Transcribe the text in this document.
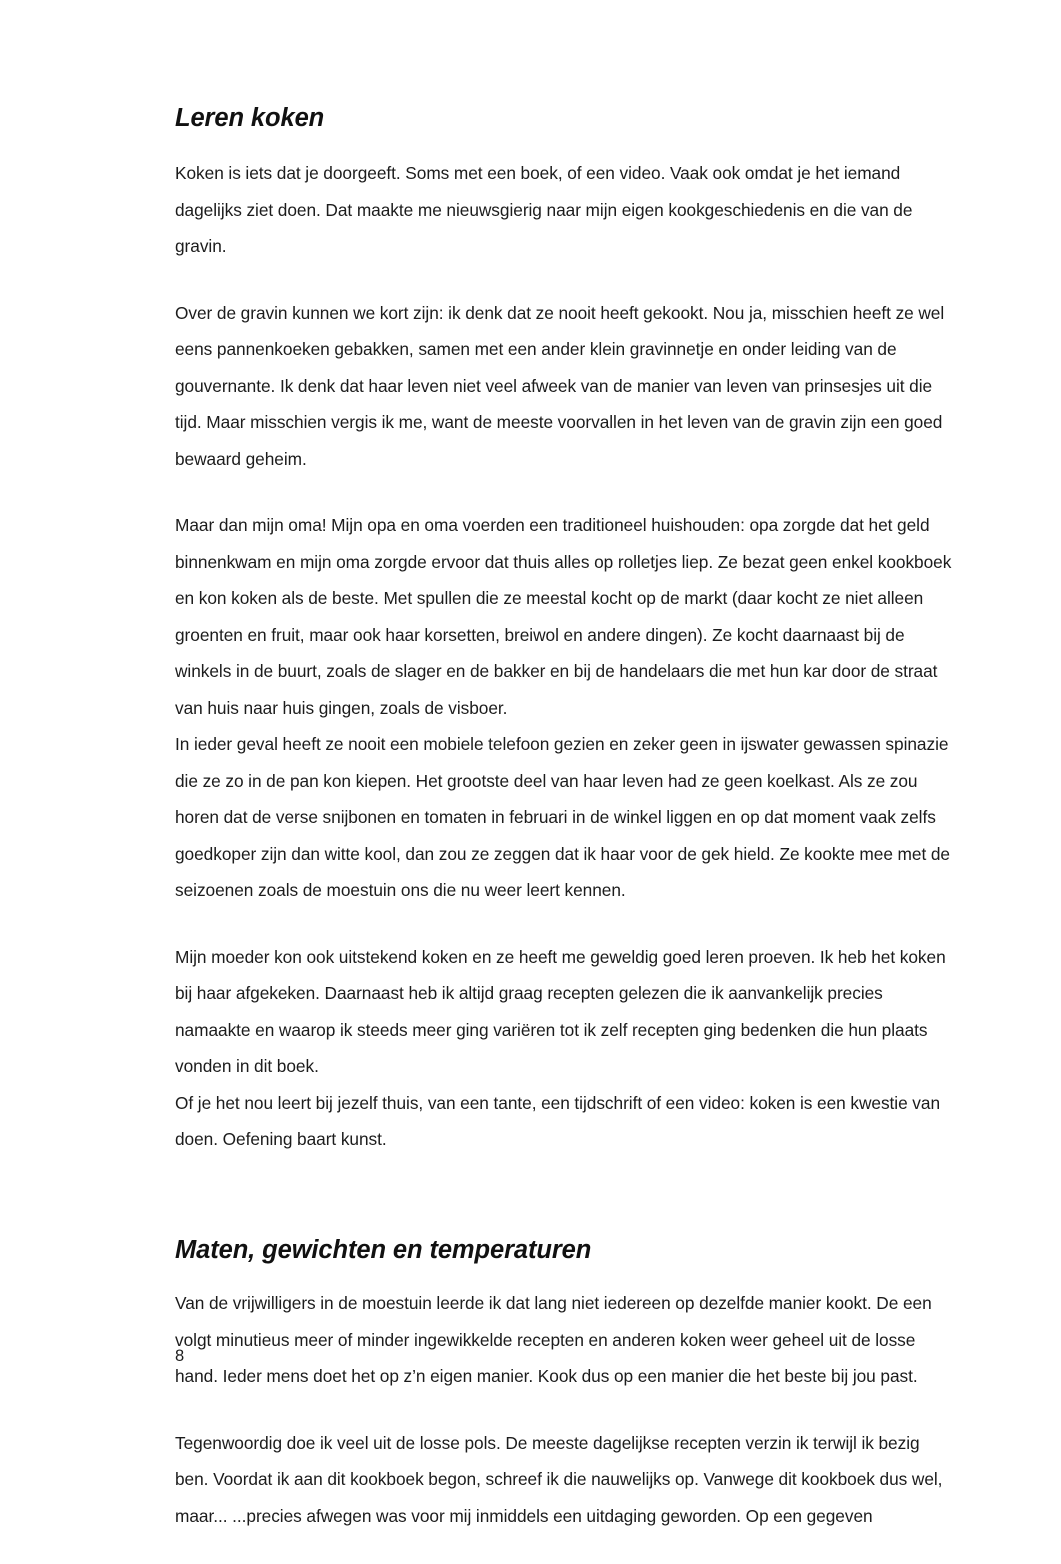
Leren koken

Koken is iets dat je doorgeeft. Soms met een boek, of een video. Vaak ook omdat je het iemand dagelijks ziet doen. Dat maakte me nieuwsgierig naar mijn eigen kookgeschiedenis en die van de gravin.

Over de gravin kunnen we kort zijn: ik denk dat ze nooit heeft gekookt. Nou ja, misschien heeft ze wel eens pannenkoeken gebakken, samen met een ander klein gravinnetje en onder leiding van de gouvernante. Ik denk dat haar leven niet veel afweek van de manier van leven van prinsesjes uit die tijd. Maar misschien vergis ik me, want de meeste voorvallen in het leven van de gravin zijn een goed bewaard geheim.

Maar dan mijn oma! Mijn opa en oma voerden een traditioneel huishouden: opa zorgde dat het geld binnenkwam en mijn oma zorgde ervoor dat thuis alles op rolletjes liep. Ze bezat geen enkel kookboek en kon koken als de beste. Met spullen die ze meestal kocht op de markt (daar kocht ze niet alleen groenten en fruit, maar ook haar korsetten, breiwol en andere dingen). Ze kocht daarnaast bij de winkels in de buurt, zoals de slager en de bakker en bij de handelaars die met hun kar door de straat van huis naar huis gingen, zoals de visboer.

In ieder geval heeft ze nooit een mobiele telefoon gezien en zeker geen in ijswater gewassen spinazie die ze zo in de pan kon kiepen. Het grootste deel van haar leven had ze geen koelkast. Als ze zou horen dat de verse snijbonen en tomaten in februari in de winkel liggen en op dat moment vaak zelfs goedkoper zijn dan witte kool, dan zou ze zeggen dat ik haar voor de gek hield. Ze kookte mee met de seizoenen zoals de moestuin ons die nu weer leert kennen.

Mijn moeder kon ook uitstekend koken en ze heeft me geweldig goed leren proeven. Ik heb het koken bij haar afgekeken. Daarnaast heb ik altijd graag recepten gelezen die ik aanvankelijk precies namaakte en waarop ik steeds meer ging variëren tot ik zelf recepten ging bedenken die hun plaats vonden in dit boek.

Of je het nou leert bij jezelf thuis, van een tante, een tijdschrift of een video: koken is een kwestie van doen. Oefening baart kunst.

Maten, gewichten en temperaturen

Van de vrijwilligers in de moestuin leerde ik dat lang niet iedereen op dezelfde manier kookt. De een volgt minutieus meer of minder ingewikkelde recepten en anderen koken weer geheel uit de losse hand. Ieder mens doet het op z’n eigen manier. Kook dus op een manier die het beste bij jou past.

Tegenwoordig doe ik veel uit de losse pols. De meeste dagelijkse recepten verzin ik terwijl ik bezig ben. Voordat ik aan dit kookboek begon, schreef ik die nauwelijks op. Vanwege dit kookboek dus wel, maar... ...precies afwegen was voor mij inmiddels een uitdaging geworden. Op een gegeven

8
